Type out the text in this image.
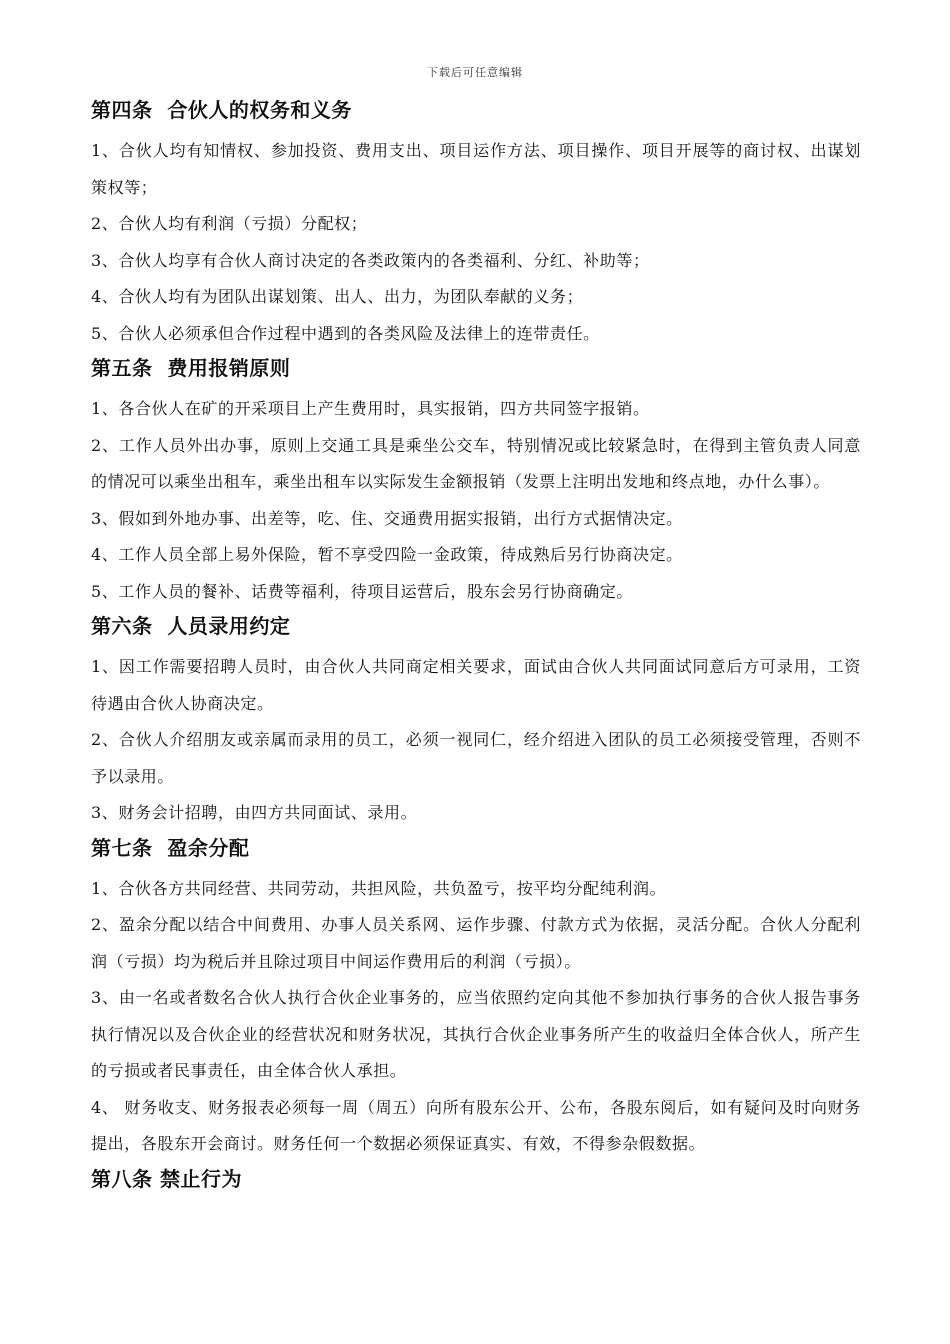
下载后可任意编辑
第四条  合伙人的权务和义务

1、合伙人均有知情权、参加投资、费用支出、项目运作方法、项目操作、项目开展等的商讨权、出谋划策权等；

2、合伙人均有利润（亏损）分配权；

3、合伙人均享有合伙人商讨决定的各类政策内的各类福利、分红、补助等；

4、合伙人均有为团队出谋划策、出人、出力，为团队奉献的义务；

5、合伙人必须承但合作过程中遇到的各类风险及法律上的连带责任。

第五条  费用报销原则

1、各合伙人在矿的开采项目上产生费用时，具实报销，四方共同签字报销。

2、工作人员外出办事，原则上交通工具是乘坐公交车，特别情况或比较紧急时，在得到主管负责人同意的情况可以乘坐出租车，乘坐出租车以实际发生金额报销（发票上注明出发地和终点地，办什么事）。

3、假如到外地办事、出差等，吃、住、交通费用据实报销，出行方式据情决定。

4、工作人员全部上易外保险，暂不享受四险一金政策，待成熟后另行协商决定。

5、工作人员的餐补、话费等福利，待项目运营后，股东会另行协商确定。

第六条  人员录用约定

1、因工作需要招聘人员时，由合伙人共同商定相关要求，面试由合伙人共同面试同意后方可录用，工资待遇由合伙人协商决定。

2、合伙人介绍朋友或亲属而录用的员工，必须一视同仁，经介绍进入团队的员工必须接受管理，否则不予以录用。

3、财务会计招聘，由四方共同面试、录用。

第七条  盈余分配

1、合伙各方共同经营、共同劳动，共担风险，共负盈亏，按平均分配纯利润。

2、盈余分配以结合中间费用、办事人员关系网、运作步骤、付款方式为依据，灵活分配。合伙人分配利润（亏损）均为税后并且除过项目中间运作费用后的利润（亏损）。

3、由一名或者数名合伙人执行合伙企业事务的，应当依照约定向其他不参加执行事务的合伙人报告事务执行情况以及合伙企业的经营状况和财务状况，其执行合伙企业事务所产生的收益归全体合伙人，所产生的亏损或者民事责任，由全体合伙人承担。

4、 财务收支、财务报表必须每一周（周五）向所有股东公开、公布，各股东阅后，如有疑问及时向财务提出，各股东开会商讨。财务任何一个数据必须保证真实、有效，不得参杂假数据。

第八条 禁止行为
